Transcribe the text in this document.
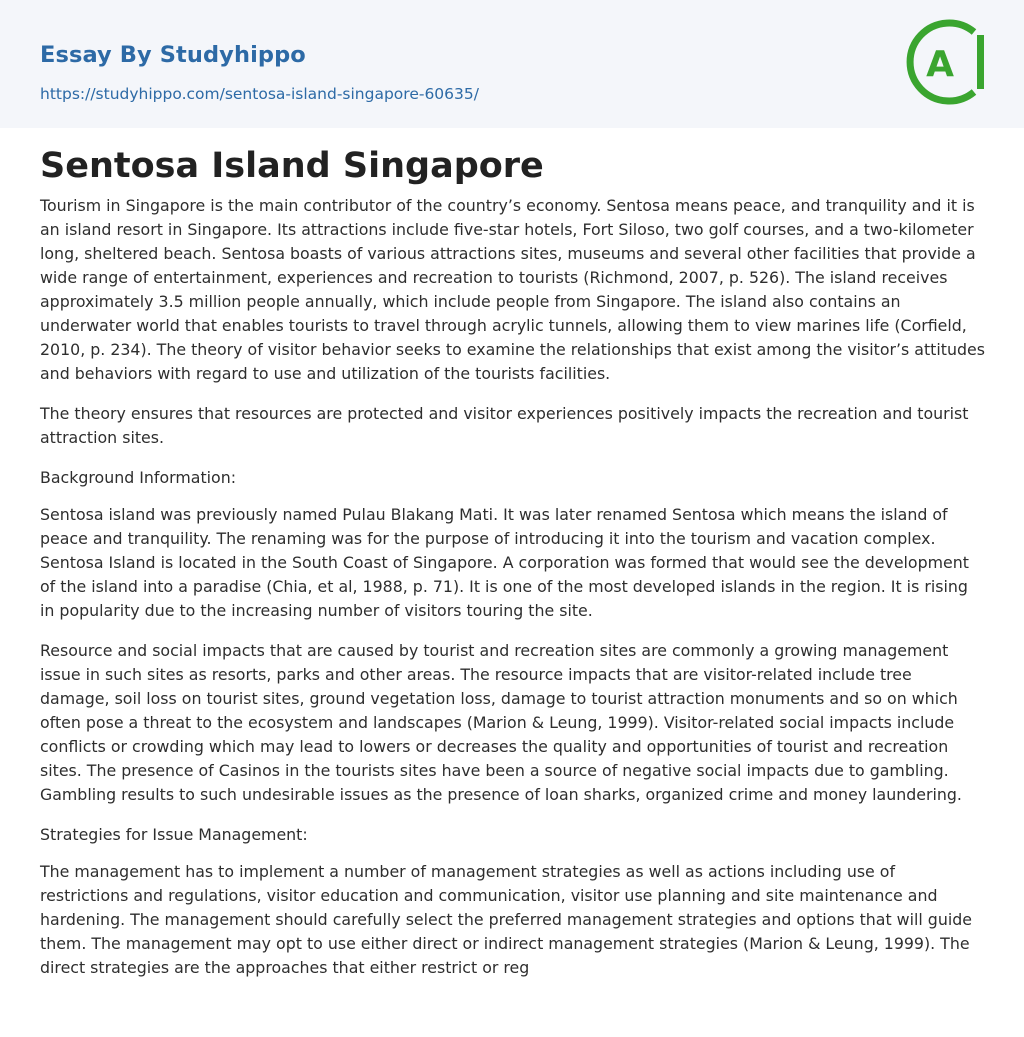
Essay By Studyhippo
https://studyhippo.com/sentosa-island-singapore-60635/
A
Sentosa Island Singapore

Tourism in Singapore is the main contributor of the country’s economy. Sentosa means peace, and tranquility and it is an island resort in Singapore. Its attractions include five-star hotels, Fort Siloso, two golf courses, and a two-kilometer long, sheltered beach. Sentosa boasts of various attractions sites, museums and several other facilities that provide a wide range of entertainment, experiences and recreation to tourists (Richmond, 2007, p. 526). The island receives approximately 3.5 million people annually, which include people from Singapore. The island also contains an underwater world that enables tourists to travel through acrylic tunnels, allowing them to view marines life (Corfield, 2010, p. 234). The theory of visitor behavior seeks to examine the relationships that exist among the visitor’s attitudes and behaviors with regard to use and utilization of the tourists facilities.

The theory ensures that resources are protected and visitor experiences positively impacts the recreation and tourist attraction sites.

Background Information:

Sentosa island was previously named Pulau Blakang Mati. It was later renamed Sentosa which means the island of peace and tranquility. The renaming was for the purpose of introducing it into the tourism and vacation complex. Sentosa Island is located in the South Coast of Singapore. A corporation was formed that would see the development of the island into a paradise (Chia, et al, 1988, p. 71). It is one of the most developed islands in the region. It is rising in popularity due to the increasing number of visitors touring the site.

Resource and social impacts that are caused by tourist and recreation sites are commonly a growing management issue in such sites as resorts, parks and other areas. The resource impacts that are visitor-related include tree damage, soil loss on tourist sites, ground vegetation loss, damage to tourist attraction monuments and so on which often pose a threat to the ecosystem and landscapes (Marion & Leung, 1999). Visitor-related social impacts include conflicts or crowding which may lead to lowers or decreases the quality and opportunities of tourist and recreation sites. The presence of Casinos in the tourists sites have been a source of negative social impacts due to gambling. Gambling results to such undesirable issues as the presence of loan sharks, organized crime and money laundering.

Strategies for Issue Management:

The management has to implement a number of management strategies as well as actions including use of restrictions and regulations, visitor education and communication, visitor use planning and site maintenance and hardening. The management should carefully select the preferred management strategies and options that will guide them. The management may opt to use either direct or indirect management strategies (Marion & Leung, 1999). The direct strategies are the approaches that either restrict or reg
